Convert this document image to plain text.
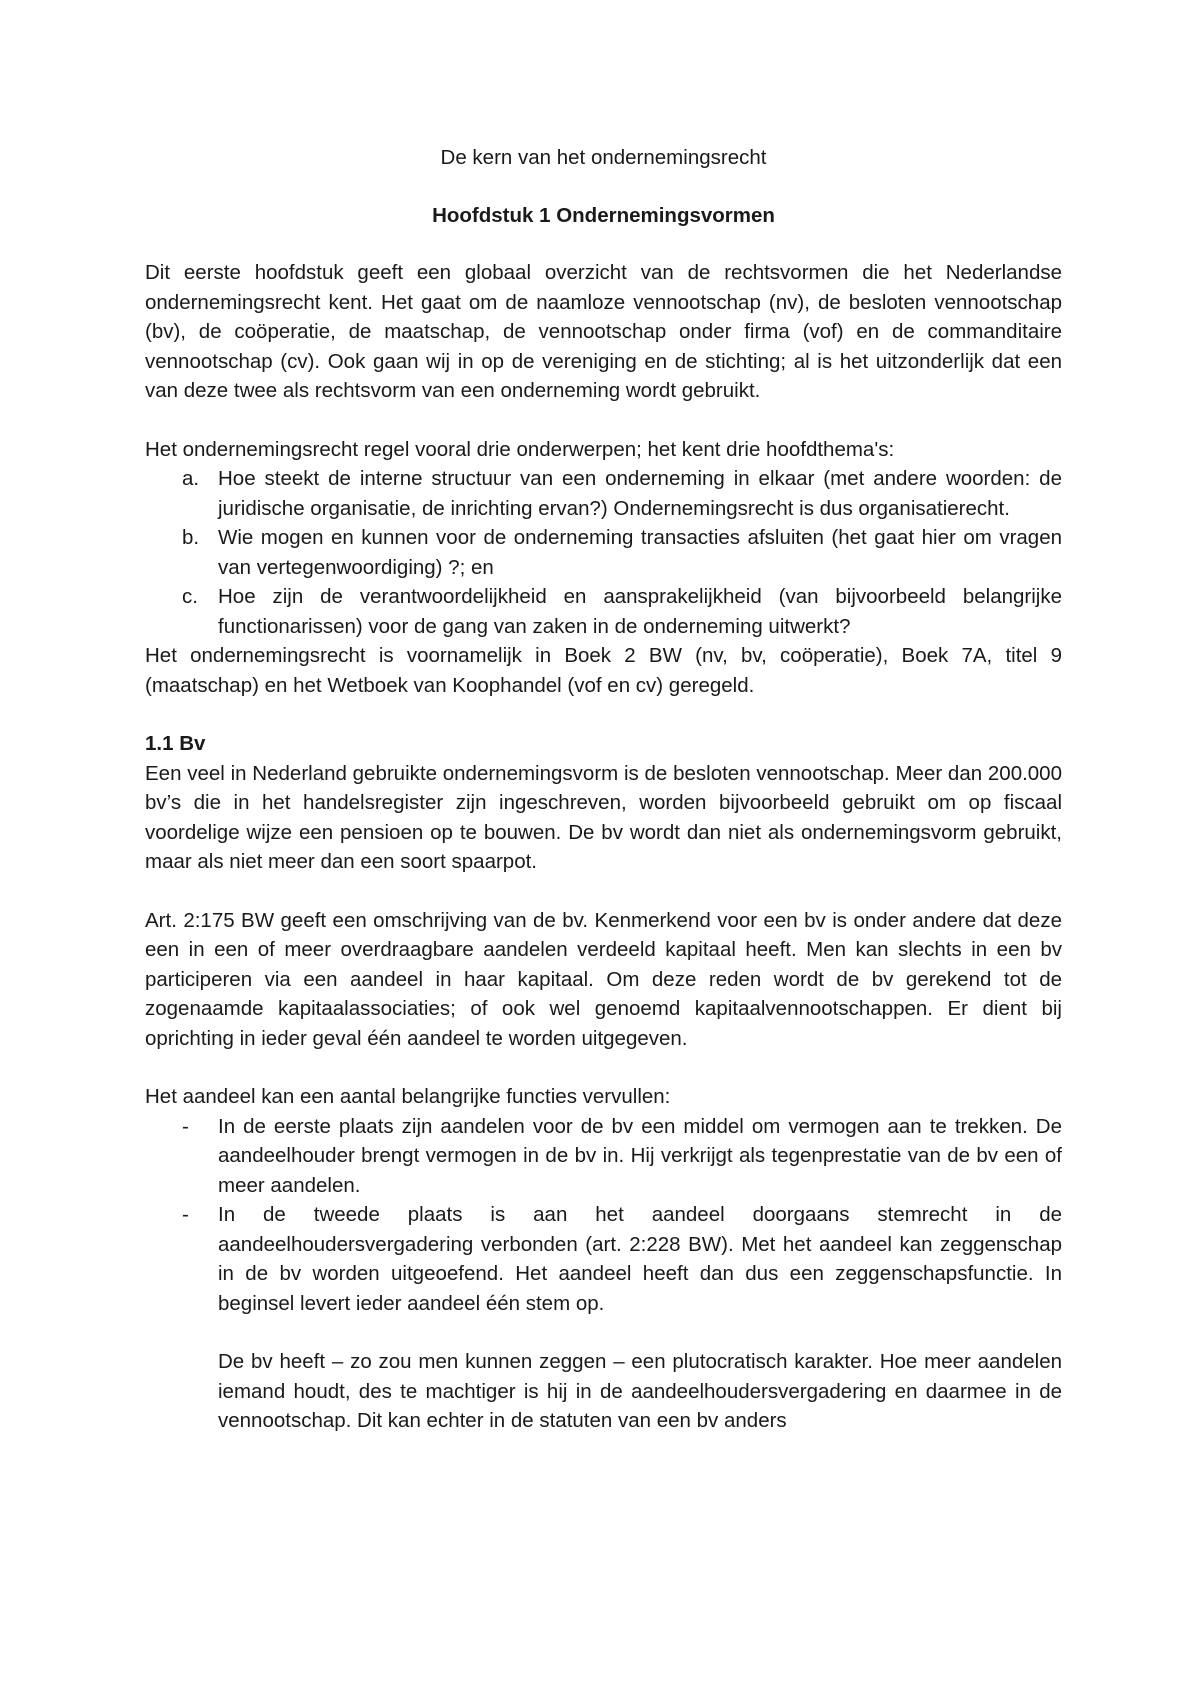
De kern van het ondernemingsrecht

Hoofdstuk 1 Ondernemingsvormen

Dit eerste hoofdstuk geeft een globaal overzicht van de rechtsvormen die het Nederlandse ondernemingsrecht kent. Het gaat om de naamloze vennootschap (nv), de besloten vennootschap (bv), de coöperatie, de maatschap, de vennootschap onder firma (vof) en de commanditaire vennootschap (cv). Ook gaan wij in op de vereniging en de stichting; al is het uitzonderlijk dat een van deze twee als rechtsvorm van een onderneming wordt gebruikt.

Het ondernemingsrecht regel vooral drie onderwerpen; het kent drie hoofdthema's:

a. Hoe steekt de interne structuur van een onderneming in elkaar (met andere woorden: de juridische organisatie, de inrichting ervan?) Ondernemingsrecht is dus organisatierecht.
b. Wie mogen en kunnen voor de onderneming transacties afsluiten (het gaat hier om vragen van vertegenwoordiging) ?; en
c. Hoe zijn de verantwoordelijkheid en aansprakelijkheid (van bijvoorbeeld belangrijke functionarissen) voor de gang van zaken in de onderneming uitwerkt?

Het ondernemingsrecht is voornamelijk in Boek 2 BW (nv, bv, coöperatie), Boek 7A, titel 9 (maatschap) en het Wetboek van Koophandel (vof en cv) geregeld.

1.1 Bv

Een veel in Nederland gebruikte ondernemingsvorm is de besloten vennootschap. Meer dan 200.000 bv’s die in het handelsregister zijn ingeschreven, worden bijvoorbeeld gebruikt om op fiscaal voordelige wijze een pensioen op te bouwen. De bv wordt dan niet als ondernemingsvorm gebruikt, maar als niet meer dan een soort spaarpot.

Art. 2:175 BW geeft een omschrijving van de bv. Kenmerkend voor een bv is onder andere dat deze een in een of meer overdraagbare aandelen verdeeld kapitaal heeft. Men kan slechts in een bv participeren via een aandeel in haar kapitaal. Om deze reden wordt de bv gerekend tot de zogenaamde kapitaalassociaties; of ook wel genoemd kapitaalvennootschappen. Er dient bij oprichting in ieder geval één aandeel te worden uitgegeven.

Het aandeel kan een aantal belangrijke functies vervullen:

- In de eerste plaats zijn aandelen voor de bv een middel om vermogen aan te trekken. De aandeelhouder brengt vermogen in de bv in. Hij verkrijgt als tegenprestatie van de bv een of meer aandelen.
- In de tweede plaats is aan het aandeel doorgaans stemrecht in de aandeelhoudersvergadering verbonden (art. 2:228 BW). Met het aandeel kan zeggenschap in de bv worden uitgeoefend. Het aandeel heeft dan dus een zeggenschapsfunctie. In beginsel levert ieder aandeel één stem op.

De bv heeft – zo zou men kunnen zeggen – een plutocratisch karakter. Hoe meer aandelen iemand houdt, des te machtiger is hij in de aandeelhoudersvergadering en daarmee in de vennootschap. Dit kan echter in de statuten van een bv anders
